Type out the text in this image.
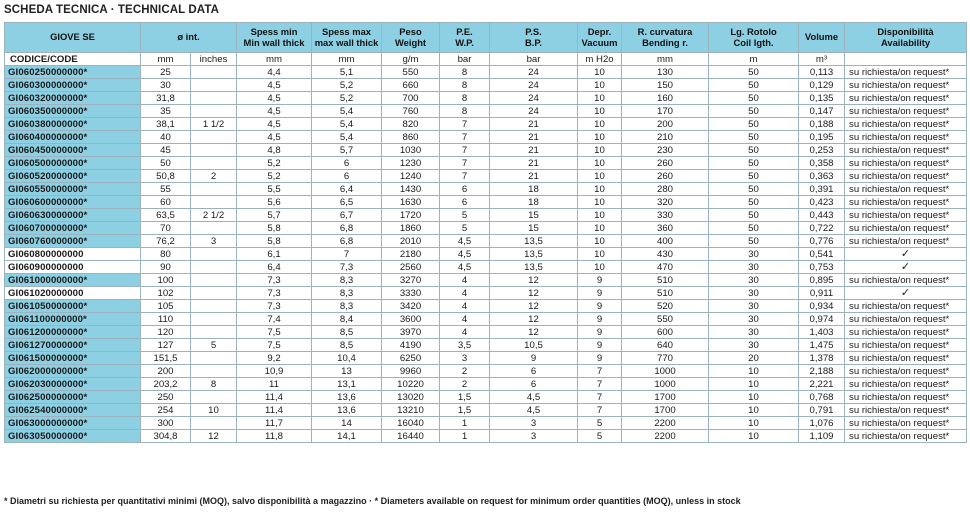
SCHEDA TECNICA · TECHNICAL DATA
GIOVE SE	ø int.		Spess min
Min wall thick	Spess max
max wall thick	Peso
Weight	P.E.
W.P.	P.S.
B.P.	Depr.
Vacuum	R. curvatura
Bending r.	Lg. Rotolo
Coil lgth.	Volume	Disponibilità
Availability
CODICE/CODE	mm	inches	mm	mm	g/m	bar	bar	m H2o	mm	m	m³	
GI060250000000*	25		4,4	5,1	550	8	24	10	130	50	0,113	su richiesta/on request*
GI060300000000*	30		4,5	5,2	660	8	24	10	150	50	0,129	su richiesta/on request*
GI060320000000*	31,8		4,5	5,2	700	8	24	10	160	50	0,135	su richiesta/on request*
GI060350000000*	35		4,5	5,4	760	8	24	10	170	50	0,147	su richiesta/on request*
GI060380000000*	38,1	1 1/2	4,5	5,4	820	7	21	10	200	50	0,188	su richiesta/on request*
GI060400000000*	40		4,5	5,4	860	7	21	10	210	50	0,195	su richiesta/on request*
GI060450000000*	45		4,8	5,7	1030	7	21	10	230	50	0,253	su richiesta/on request*
GI060500000000*	50		5,2	6	1230	7	21	10	260	50	0,358	su richiesta/on request*
GI060520000000*	50,8	2	5,2	6	1240	7	21	10	260	50	0,363	su richiesta/on request*
GI060550000000*	55		5,5	6,4	1430	6	18	10	280	50	0,391	su richiesta/on request*
GI060600000000*	60		5,6	6,5	1630	6	18	10	320	50	0,423	su richiesta/on request*
GI060630000000*	63,5	2 1/2	5,7	6,7	1720	5	15	10	330	50	0,443	su richiesta/on request*
GI060700000000*	70		5,8	6,8	1860	5	15	10	360	50	0,722	su richiesta/on request*
GI060760000000*	76,2	3	5,8	6,8	2010	4,5	13,5	10	400	50	0,776	su richiesta/on request*
GI060800000000	80		6,1	7	2180	4,5	13,5	10	430	30	0,541	✓
GI060900000000	90		6,4	7,3	2560	4,5	13,5	10	470	30	0,753	✓
GI061000000000*	100		7,3	8,3	3270	4	12	9	510	30	0,895	su richiesta/on request*
GI061020000000	102		7,3	8,3	3330	4	12	9	510	30	0,911	✓
GI061050000000*	105		7,3	8,3	3420	4	12	9	520	30	0,934	su richiesta/on request*
GI061100000000*	110		7,4	8,4	3600	4	12	9	550	30	0,974	su richiesta/on request*
GI061200000000*	120		7,5	8,5	3970	4	12	9	600	30	1,403	su richiesta/on request*
GI061270000000*	127	5	7,5	8,5	4190	3,5	10,5	9	640	30	1,475	su richiesta/on request*
GI061500000000*	151,5		9,2	10,4	6250	3	9	9	770	20	1,378	su richiesta/on request*
GI062000000000*	200		10,9	13	9960	2	6	7	1000	10	2,188	su richiesta/on request*
GI062030000000*	203,2	8	11	13,1	10220	2	6	7	1000	10	2,221	su richiesta/on request*
GI062500000000*	250		11,4	13,6	13020	1,5	4,5	7	1700	10	0,768	su richiesta/on request*
GI062540000000*	254	10	11,4	13,6	13210	1,5	4,5	7	1700	10	0,791	su richiesta/on request*
GI063000000000*	300		11,7	14	16040	1	3	5	2200	10	1,076	su richiesta/on request*
GI063050000000*	304,8	12	11,8	14,1	16440	1	3	5	2200	10	1,109	su richiesta/on request*
* Diametri su richiesta per quantitativi minimi (MOQ), salvo disponibilità a magazzino · * Diameters available on request for minimum order quantities (MOQ), unless in stock
